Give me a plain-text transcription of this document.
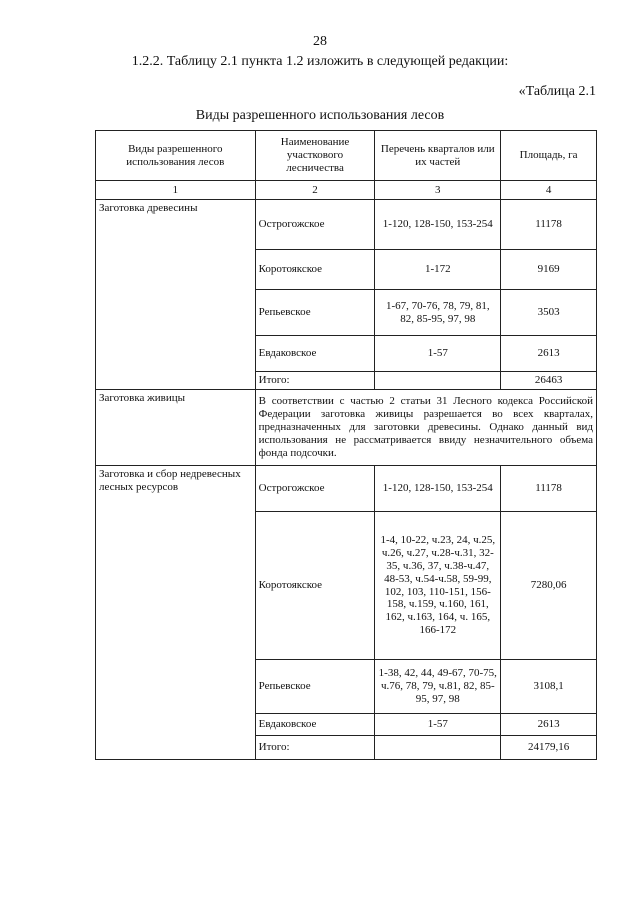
28
1.2.2. Таблицу 2.1 пункта 1.2 изложить в следующей редакции:
«Таблица 2.1
Виды разрешенного использования лесов
Виды разрешенного использования лесов	Наименование участкового лесничества	Перечень кварталов или их частей	Площадь, га
1	2	3	4
Заготовка древесины	Острогожское	1-120, 128-150, 153-254	11178
	Коротоякское	1-172	9169
	Репьевское	1-67, 70-76, 78, 79, 81, 82, 85-95, 97, 98	3503
	Евдаковское	1-57	2613
	Итого:		26463
Заготовка живицы	В соответствии с частью 2 статьи 31 Лесного кодекса Российской Федерации заготовка живицы разрешается во всех кварталах, предназначенных для заготовки древесины. Однако данный вид использования не рассматривается ввиду незначительного объема фонда подсочки.		
Заготовка и сбор недревесных лесных ресурсов	Острогожское	1-120, 128-150, 153-254	11178
	Коротоякское	1-4, 10-22, ч.23, 24, ч.25, ч.26, ч.27, ч.28-ч.31, 32-35, ч.36, 37, ч.38-ч.47, 48-53, ч.54-ч.58, 59-99, 102, 103, 110-151, 156-158, ч.159, ч.160, 161, 162, ч.163, 164, ч. 165, 166-172	7280,06
	Репьевское	1-38, 42, 44, 49-67, 70-75, ч.76, 78, 79, ч.81, 82, 85-95, 97, 98	3108,1
	Евдаковское	1-57	2613
	Итого:		24179,16
